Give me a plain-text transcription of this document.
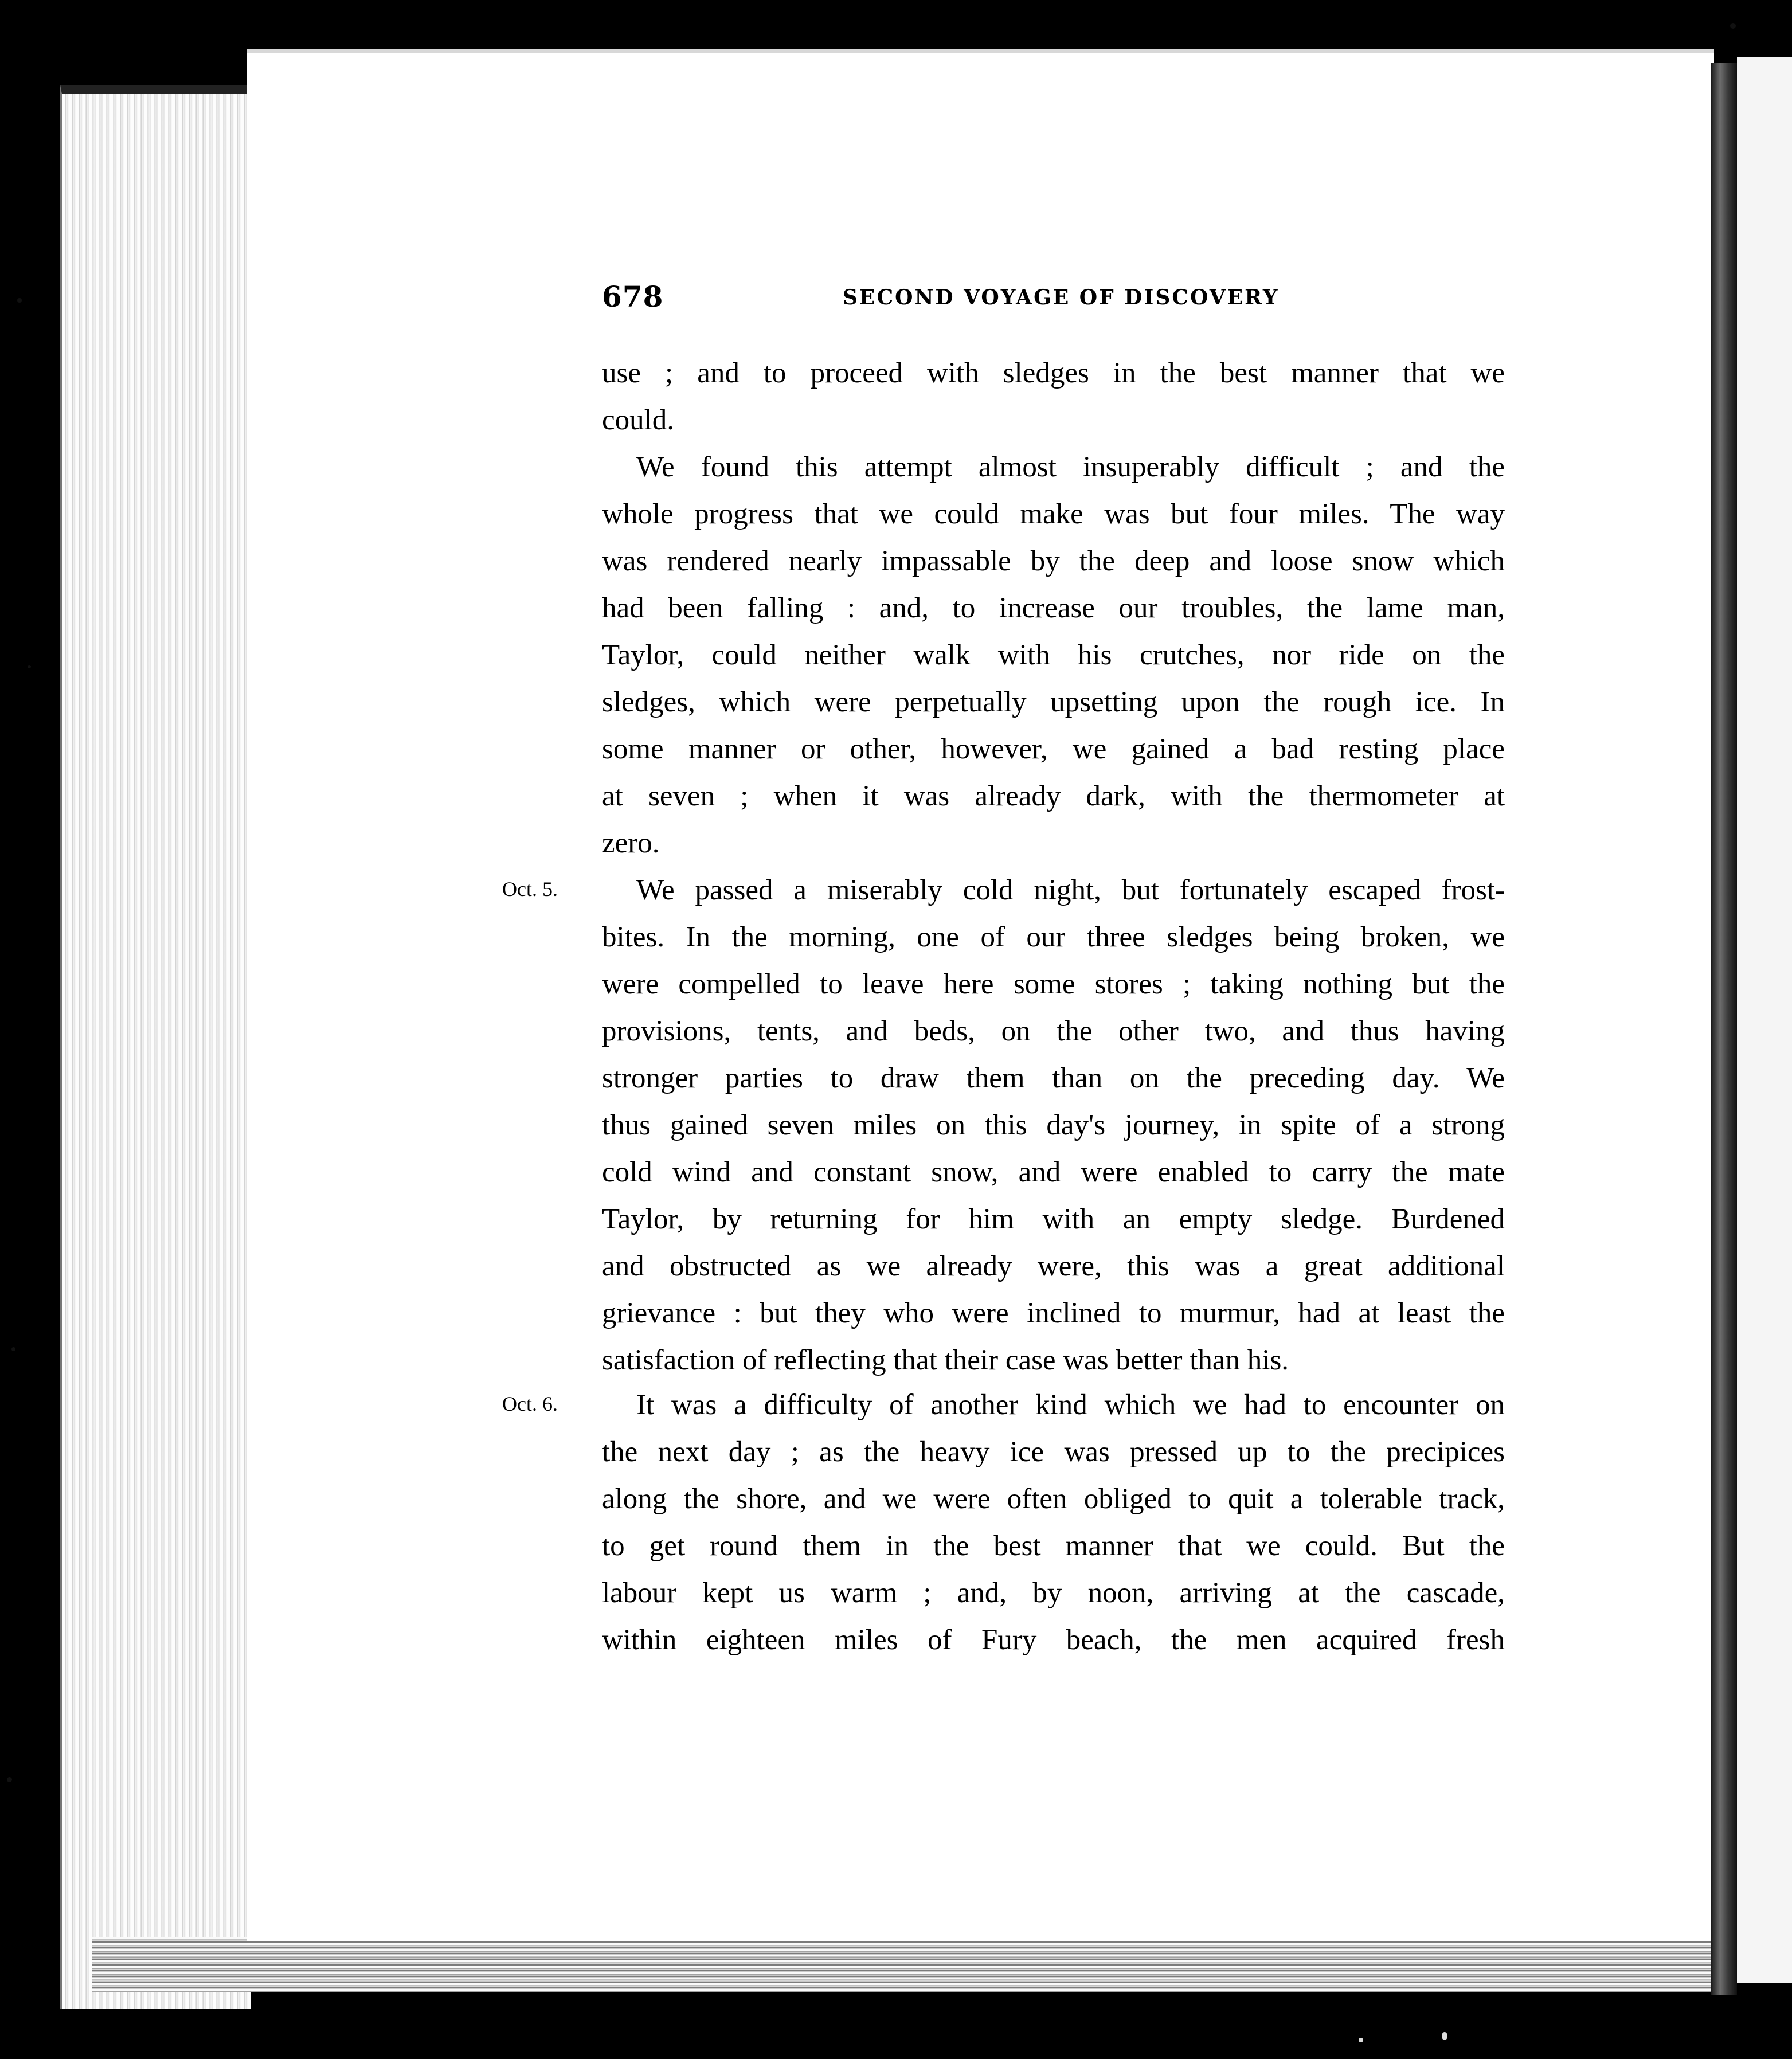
678	SECOND VOYAGE OF DISCOVERY
Oct. 5.
Oct. 6.
use ; and to proceed with sledges in the best manner that we
could.
We found this attempt almost insuperably difficult ; and the
whole progress that we could make was but four miles. The way
was rendered nearly impassable by the deep and loose snow which
had been falling : and, to increase our troubles, the lame man,
Taylor, could neither walk with his crutches, nor ride on the
sledges, which were perpetually upsetting upon the rough ice. In
some manner or other, however, we gained a bad resting place
at seven ; when it was already dark, with the thermometer at
zero.
We passed a miserably cold night, but fortunately escaped frost-
bites. In the morning, one of our three sledges being broken, we
were compelled to leave here some stores ; taking nothing but the
provisions, tents, and beds, on the other two, and thus having
stronger parties to draw them than on the preceding day. We
thus gained seven miles on this day's journey, in spite of a strong
cold wind and constant snow, and were enabled to carry the mate
Taylor, by returning for him with an empty sledge. Burdened
and obstructed as we already were, this was a great additional
grievance : but they who were inclined to murmur, had at least the
satisfaction of reflecting that their case was better than his.
It was a difficulty of another kind which we had to encounter on
the next day ; as the heavy ice was pressed up to the precipices
along the shore, and we were often obliged to quit a tolerable track,
to get round them in the best manner that we could. But the
labour kept us warm ; and, by noon, arriving at the cascade,
within eighteen miles of Fury beach, the men acquired fresh
